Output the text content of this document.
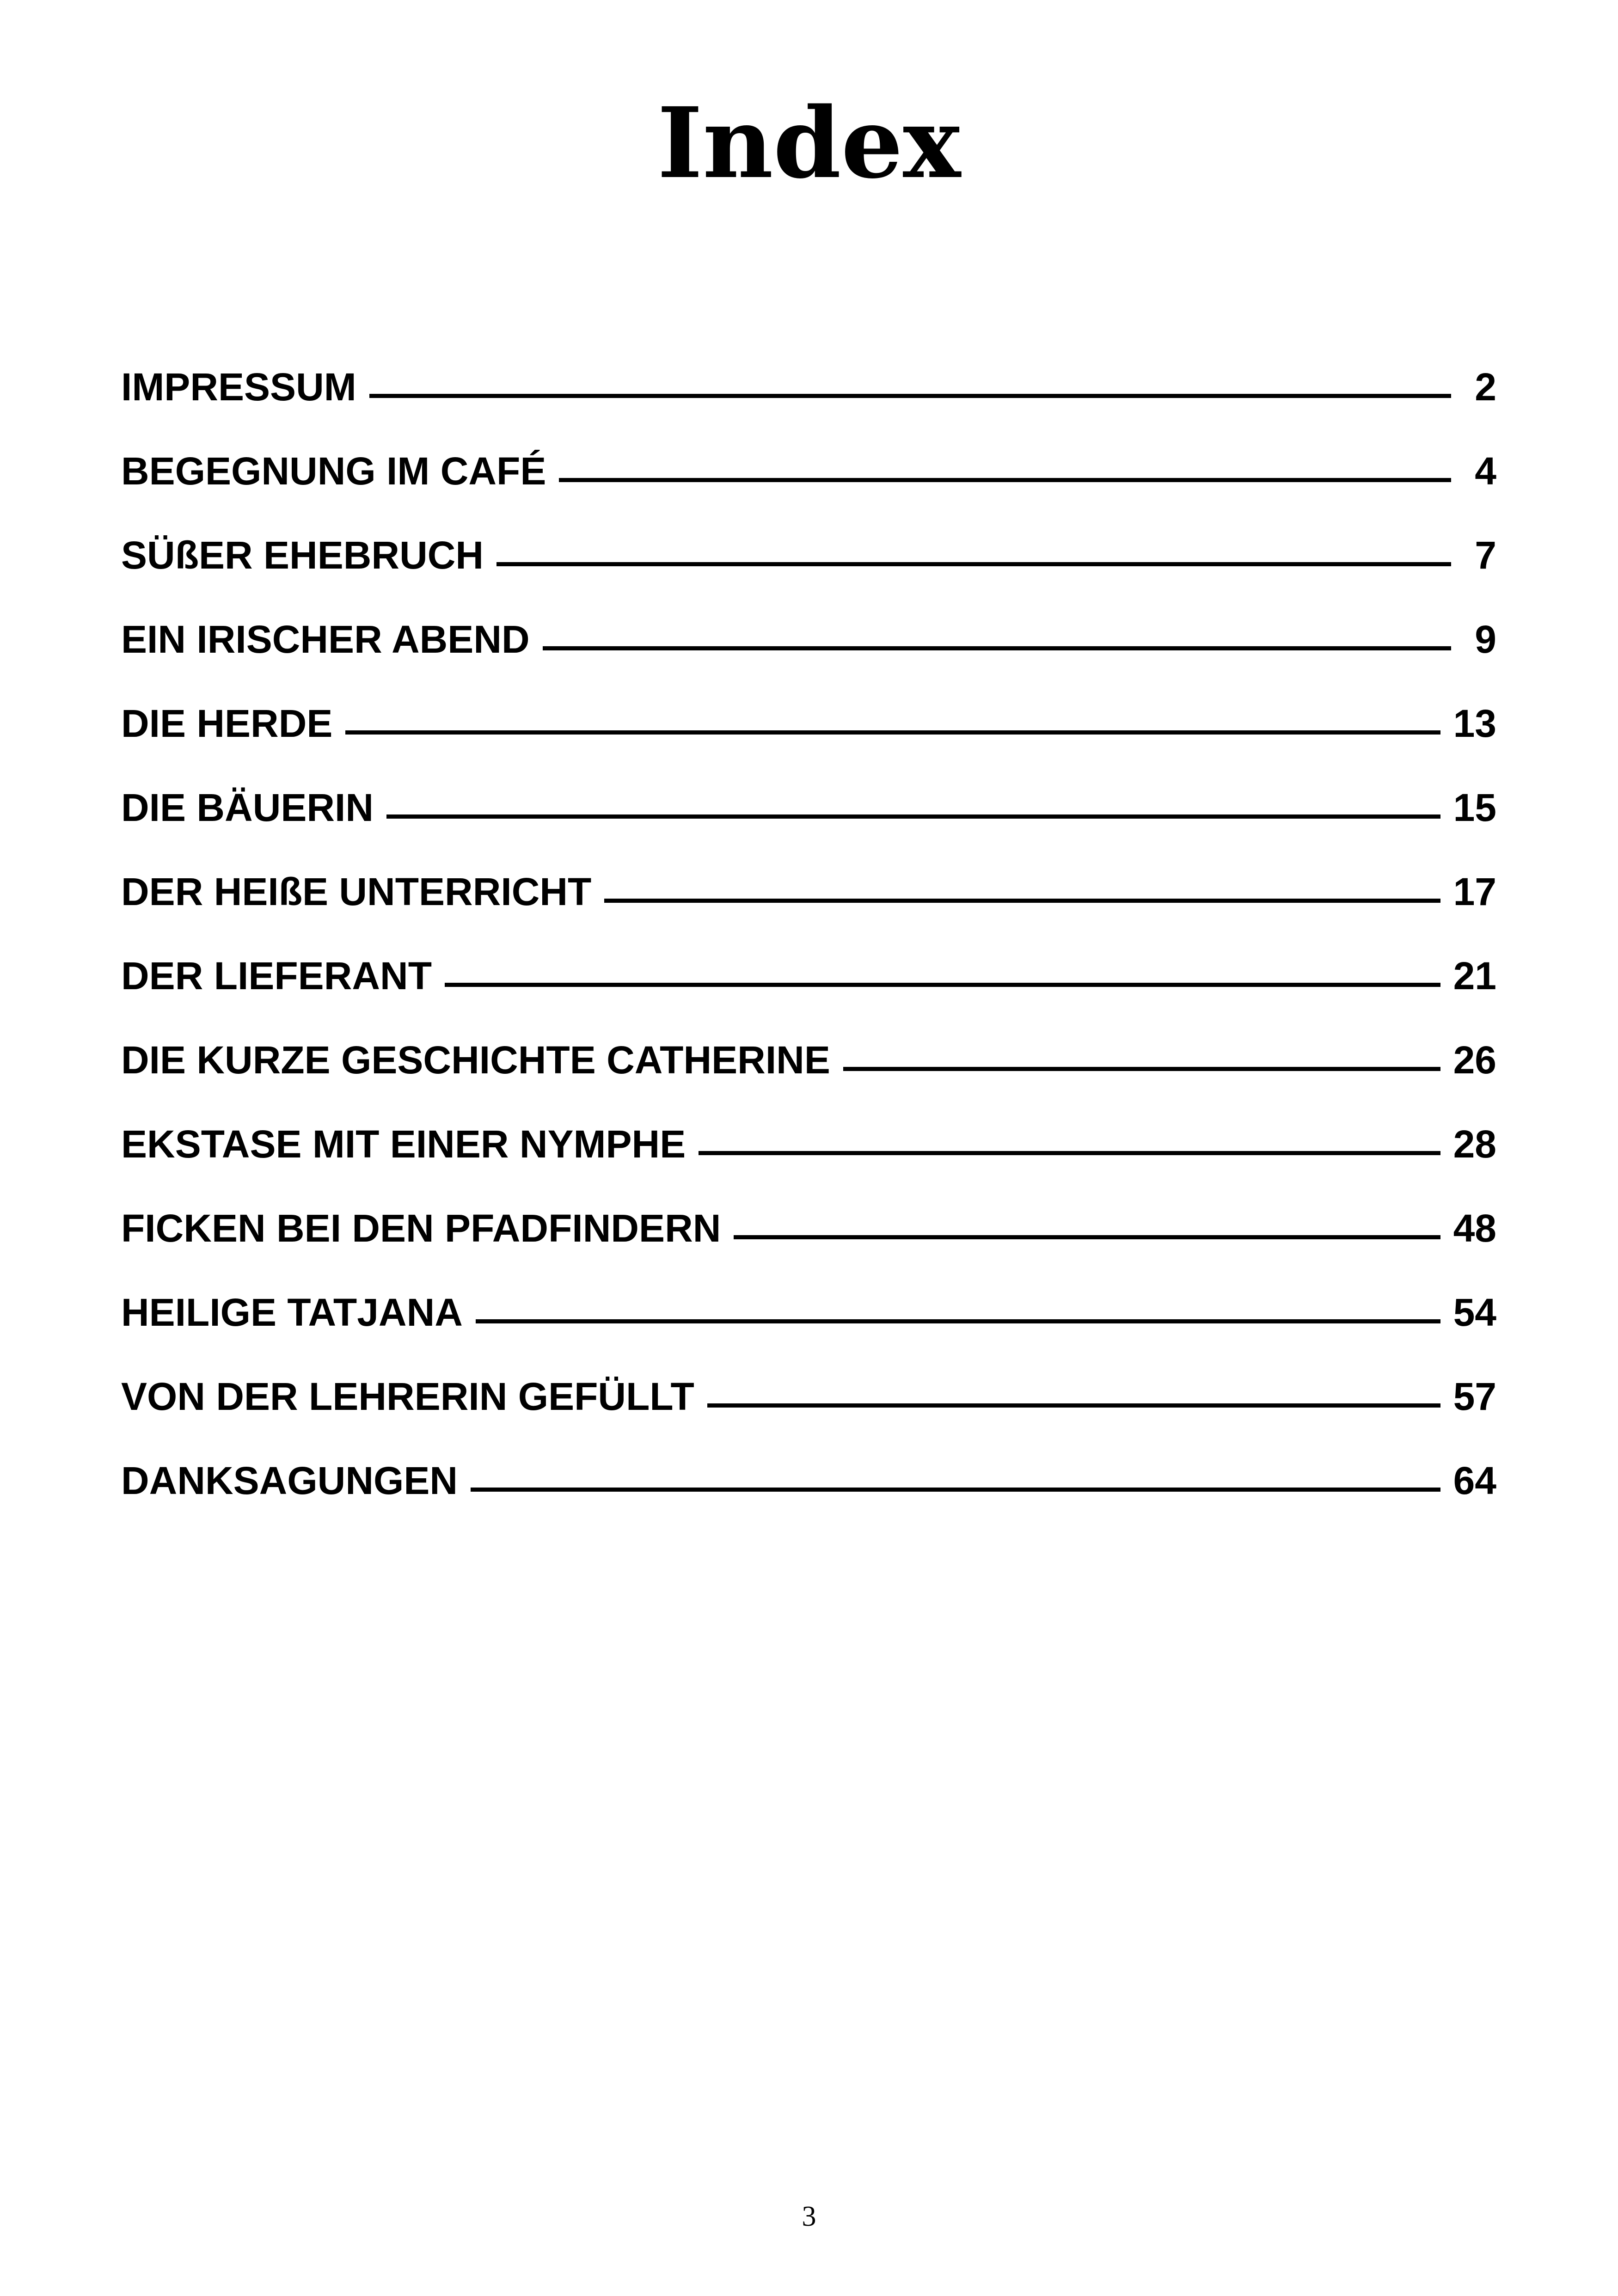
Index
IMPRESSUM	2
BEGEGNUNG IM CAFÉ	4
SÜßER EHEBRUCH	7
EIN IRISCHER ABEND	9
DIE HERDE	13
DIE BÄUERIN	15
DER HEIßE UNTERRICHT	17
DER LIEFERANT	21
DIE KURZE GESCHICHTE CATHERINE	26
EKSTASE MIT EINER NYMPHE	28
FICKEN BEI DEN PFADFINDERN	48
HEILIGE TATJANA	54
VON DER LEHRERIN GEFÜLLT	57
DANKSAGUNGEN	64
3
